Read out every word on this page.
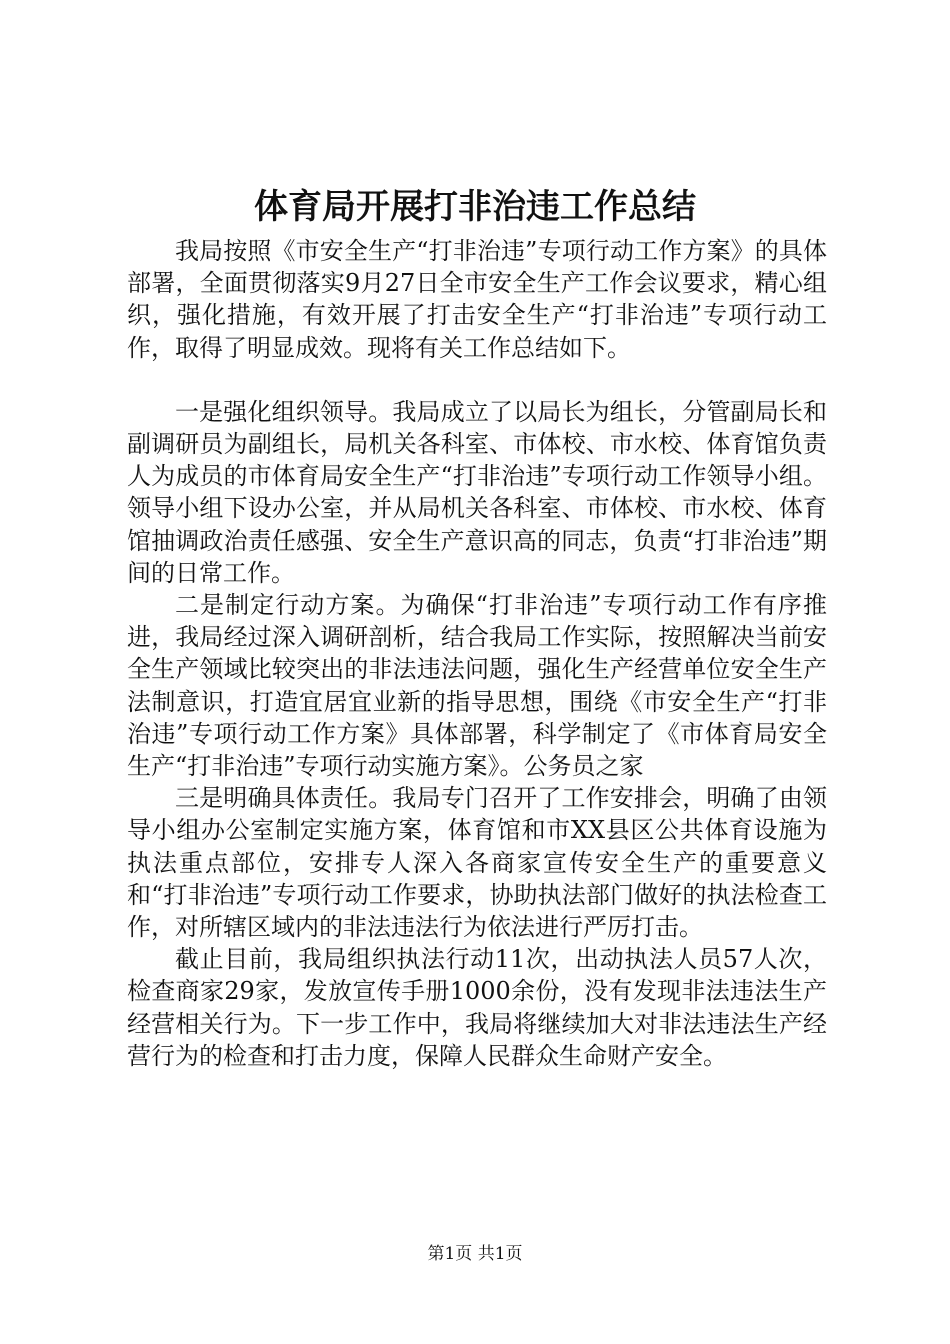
体育局开展打非治违工作总结

我局按照《市安全生产“打非治违”专项行动工作方案》的具体部署，全面贯彻落实9月27日全市安全生产工作会议要求，精心组织，强化措施，有效开展了打击安全生产“打非治违”专项行动工作，取得了明显成效。现将有关工作总结如下。

一是强化组织领导。我局成立了以局长为组长，分管副局长和副调研员为副组长，局机关各科室、市体校、市水校、体育馆负责人为成员的市体育局安全生产“打非治违”专项行动工作领导小组。领导小组下设办公室，并从局机关各科室、市体校、市水校、体育馆抽调政治责任感强、安全生产意识高的同志，负责“打非治违”期间的日常工作。

二是制定行动方案。为确保“打非治违”专项行动工作有序推进，我局经过深入调研剖析，结合我局工作实际，按照解决当前安全生产领域比较突出的非法违法问题，强化生产经营单位安全生产法制意识，打造宜居宜业新的指导思想，围绕《市安全生产“打非治违”专项行动工作方案》具体部署，科学制定了《市体育局安全生产“打非治违”专项行动实施方案》。公务员之家

三是明确具体责任。我局专门召开了工作安排会，明确了由领导小组办公室制定实施方案，体育馆和市XX县区公共体育设施为执法重点部位，安排专人深入各商家宣传安全生产的重要意义和“打非治违”专项行动工作要求，协助执法部门做好的执法检查工作，对所辖区域内的非法违法行为依法进行严厉打击。

截止目前，我局组织执法行动11次，出动执法人员57人次，检查商家29家，发放宣传手册1000余份，没有发现非法违法生产经营相关行为。下一步工作中，我局将继续加大对非法违法生产经营行为的检查和打击力度，保障人民群众生命财产安全。

第1页 共1页
